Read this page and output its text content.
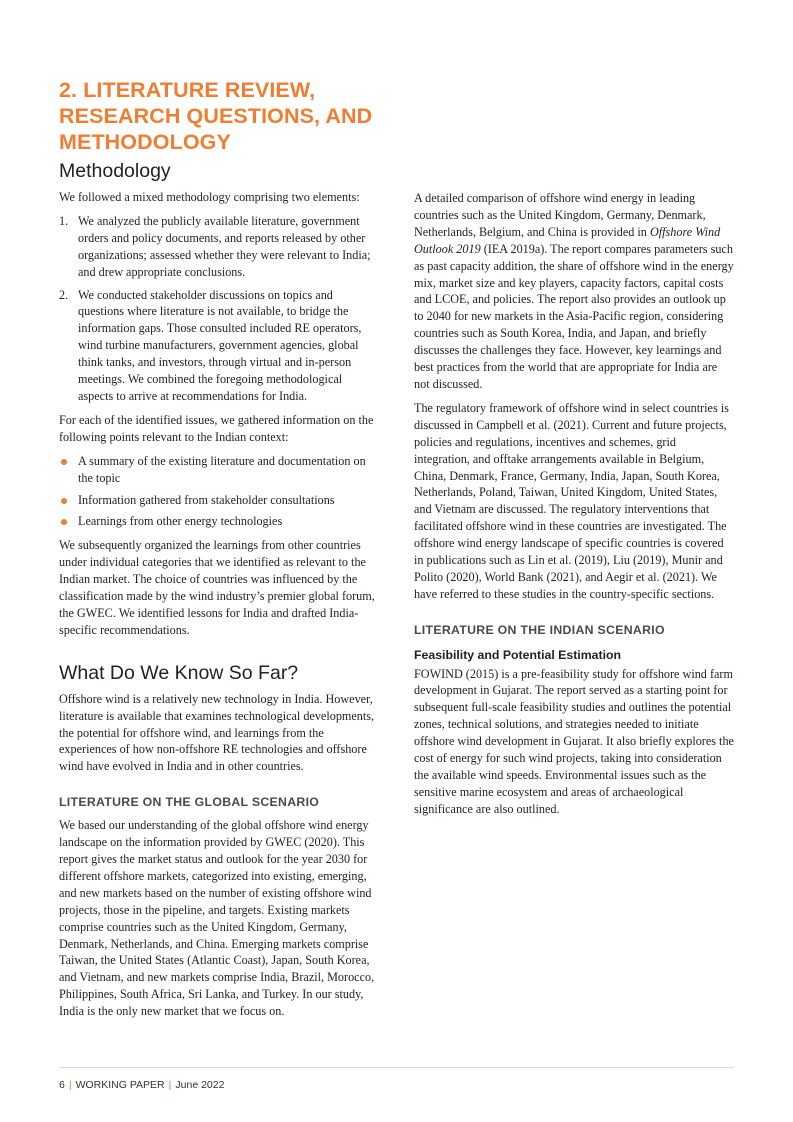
2. LITERATURE REVIEW, RESEARCH QUESTIONS, AND METHODOLOGY
Methodology

We followed a mixed methodology comprising two elements:

1. We analyzed the publicly available literature, government orders and policy documents, and reports released by other organizations; assessed whether they were relevant to India; and drew appropriate conclusions.
2. We conducted stakeholder discussions on topics and questions where literature is not available, to bridge the information gaps. Those consulted included RE operators, wind turbine manufacturers, government agencies, global think tanks, and investors, through virtual and in-person meetings. We combined the foregoing methodological aspects to arrive at recommendations for India.

For each of the identified issues, we gathered information on the following points relevant to the Indian context:

A summary of the existing literature and documentation on the topic
Information gathered from stakeholder consultations
Learnings from other energy technologies

We subsequently organized the learnings from other countries under individual categories that we identified as relevant to the Indian market. The choice of countries was influenced by the classification made by the wind industry’s premier global forum, the GWEC. We identified lessons for India and drafted India-specific recommendations.

What Do We Know So Far?

Offshore wind is a relatively new technology in India. However, literature is available that examines technological developments, the potential for offshore wind, and learnings from the experiences of how non-offshore RE technologies and offshore wind have evolved in India and in other countries.

LITERATURE ON THE GLOBAL SCENARIO

We based our understanding of the global offshore wind energy landscape on the information provided by GWEC (2020). This report gives the market status and outlook for the year 2030 for different offshore markets, categorized into existing, emerging, and new markets based on the number of existing offshore wind projects, those in the pipeline, and targets. Existing markets comprise countries such as the United Kingdom, Germany, Denmark, Netherlands, and China. Emerging markets comprise Taiwan, the United States (Atlantic Coast), Japan, South Korea, and Vietnam, and new markets comprise India, Brazil, Morocco, Philippines, South Africa, Sri Lanka, and Turkey. In our study, India is the only new market that we focus on.

A detailed comparison of offshore wind energy in leading countries such as the United Kingdom, Germany, Denmark, Netherlands, Belgium, and China is provided in Offshore Wind Outlook 2019 (IEA 2019a). The report compares parameters such as past capacity addition, the share of offshore wind in the energy mix, market size and key players, capacity factors, capital costs and LCOE, and policies. The report also provides an outlook up to 2040 for new markets in the Asia-Pacific region, considering countries such as South Korea, India, and Japan, and briefly discusses the challenges they face. However, key learnings and best practices from the world that are appropriate for India are not discussed.

The regulatory framework of offshore wind in select countries is discussed in Campbell et al. (2021). Current and future projects, policies and regulations, incentives and schemes, grid integration, and offtake arrangements available in Belgium, China, Denmark, France, Germany, India, Japan, South Korea, Netherlands, Poland, Taiwan, United Kingdom, United States, and Vietnam are discussed. The regulatory interventions that facilitated offshore wind in these countries are investigated. The offshore wind energy landscape of specific countries is covered in publications such as Lin et al. (2019), Liu (2019), Munir and Polito (2020), World Bank (2021), and Aegir et al. (2021). We have referred to these studies in the country-specific sections.

LITERATURE ON THE INDIAN SCENARIO
Feasibility and Potential Estimation

FOWIND (2015) is a pre-feasibility study for offshore wind farm development in Gujarat. The report served as a starting point for subsequent full-scale feasibility studies and outlines the potential zones, technical solutions, and strategies needed to initiate offshore wind development in Gujarat. It also briefly explores the cost of energy for such wind projects, taking into consideration the available wind speeds. Environmental issues such as the sensitive marine ecosystem and areas of archaeological significance are also outlined.

6 | WORKING PAPER | June 2022
